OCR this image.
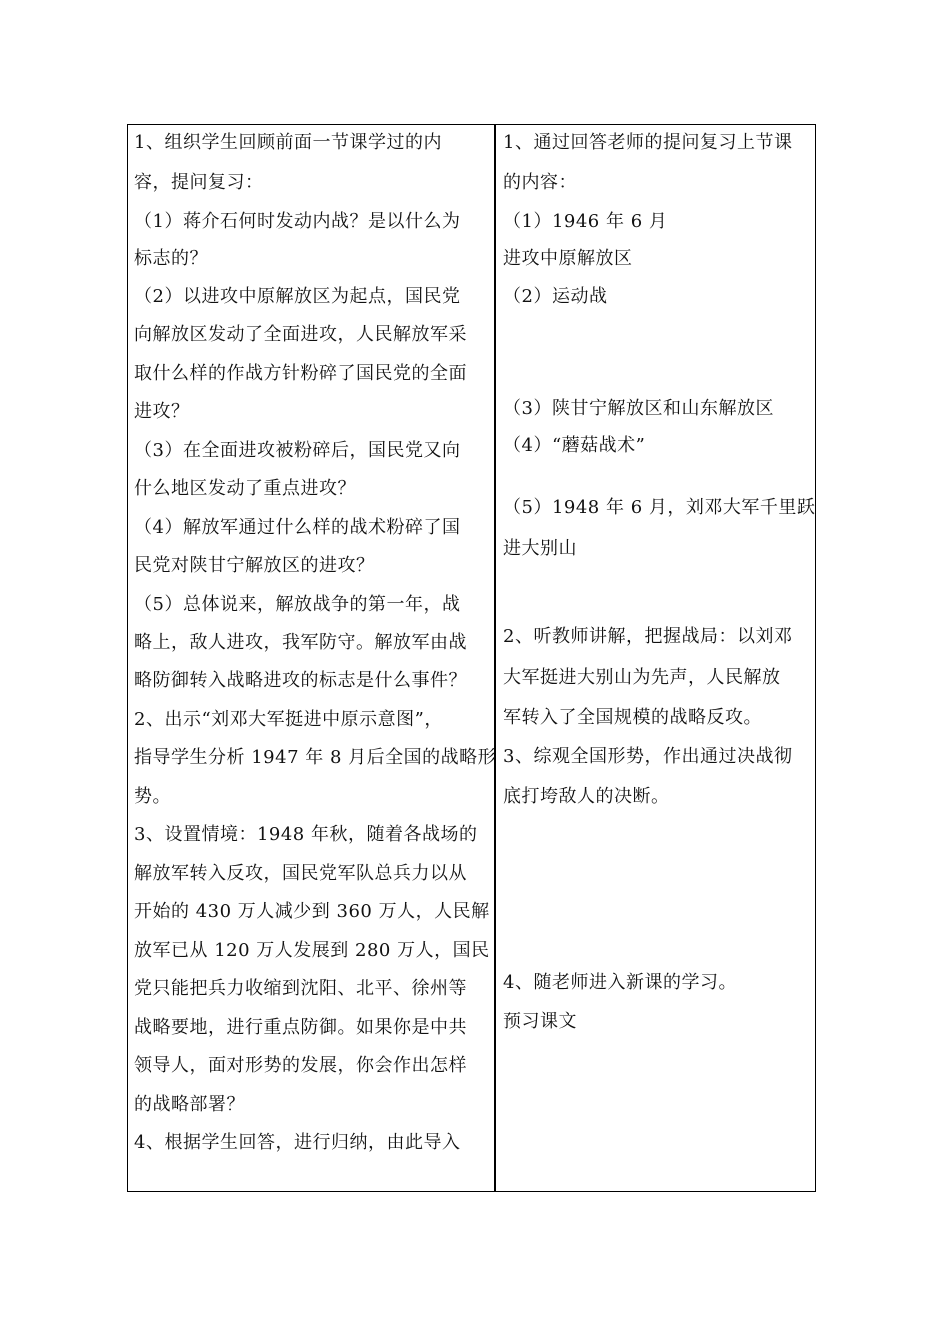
1、组织学生回顾前面一节课学过的内
容，提问复习：
（1）蒋介石何时发动内战？是以什么为
标志的？
（2）以进攻中原解放区为起点，国民党
向解放区发动了全面进攻，人民解放军采
取什么样的作战方针粉碎了国民党的全面
进攻？
（3）在全面进攻被粉碎后，国民党又向
什么地区发动了重点进攻？
（4）解放军通过什么样的战术粉碎了国
民党对陕甘宁解放区的进攻？
（5）总体说来，解放战争的第一年，战
略上，敌人进攻，我军防守。解放军由战
略防御转入战略进攻的标志是什么事件？
2、出示“刘邓大军挺进中原示意图”，
指导学生分析 1947 年 8 月后全国的战略形
势。
3、设置情境：1948 年秋，随着各战场的
解放军转入反攻，国民党军队总兵力以从
开始的 430 万人减少到 360 万人，人民解
放军已从 120 万人发展到 280 万人，国民
党只能把兵力收缩到沈阳、北平、徐州等
战略要地，进行重点防御。如果你是中共
领导人，面对形势的发展，你会作出怎样
的战略部署？
4、根据学生回答，进行归纳，由此导入
1、通过回答老师的提问复习上节课
的内容：
（1）1946 年 6 月
进攻中原解放区
（2）运动战
（3）陕甘宁解放区和山东解放区
（4）“蘑菇战术”
（5）1948 年 6 月，刘邓大军千里跃
进大别山
2、听教师讲解，把握战局：以刘邓
大军挺进大别山为先声，人民解放
军转入了全国规模的战略反攻。
3、综观全国形势，作出通过决战彻
底打垮敌人的决断。
4、随老师进入新课的学习。
预习课文
